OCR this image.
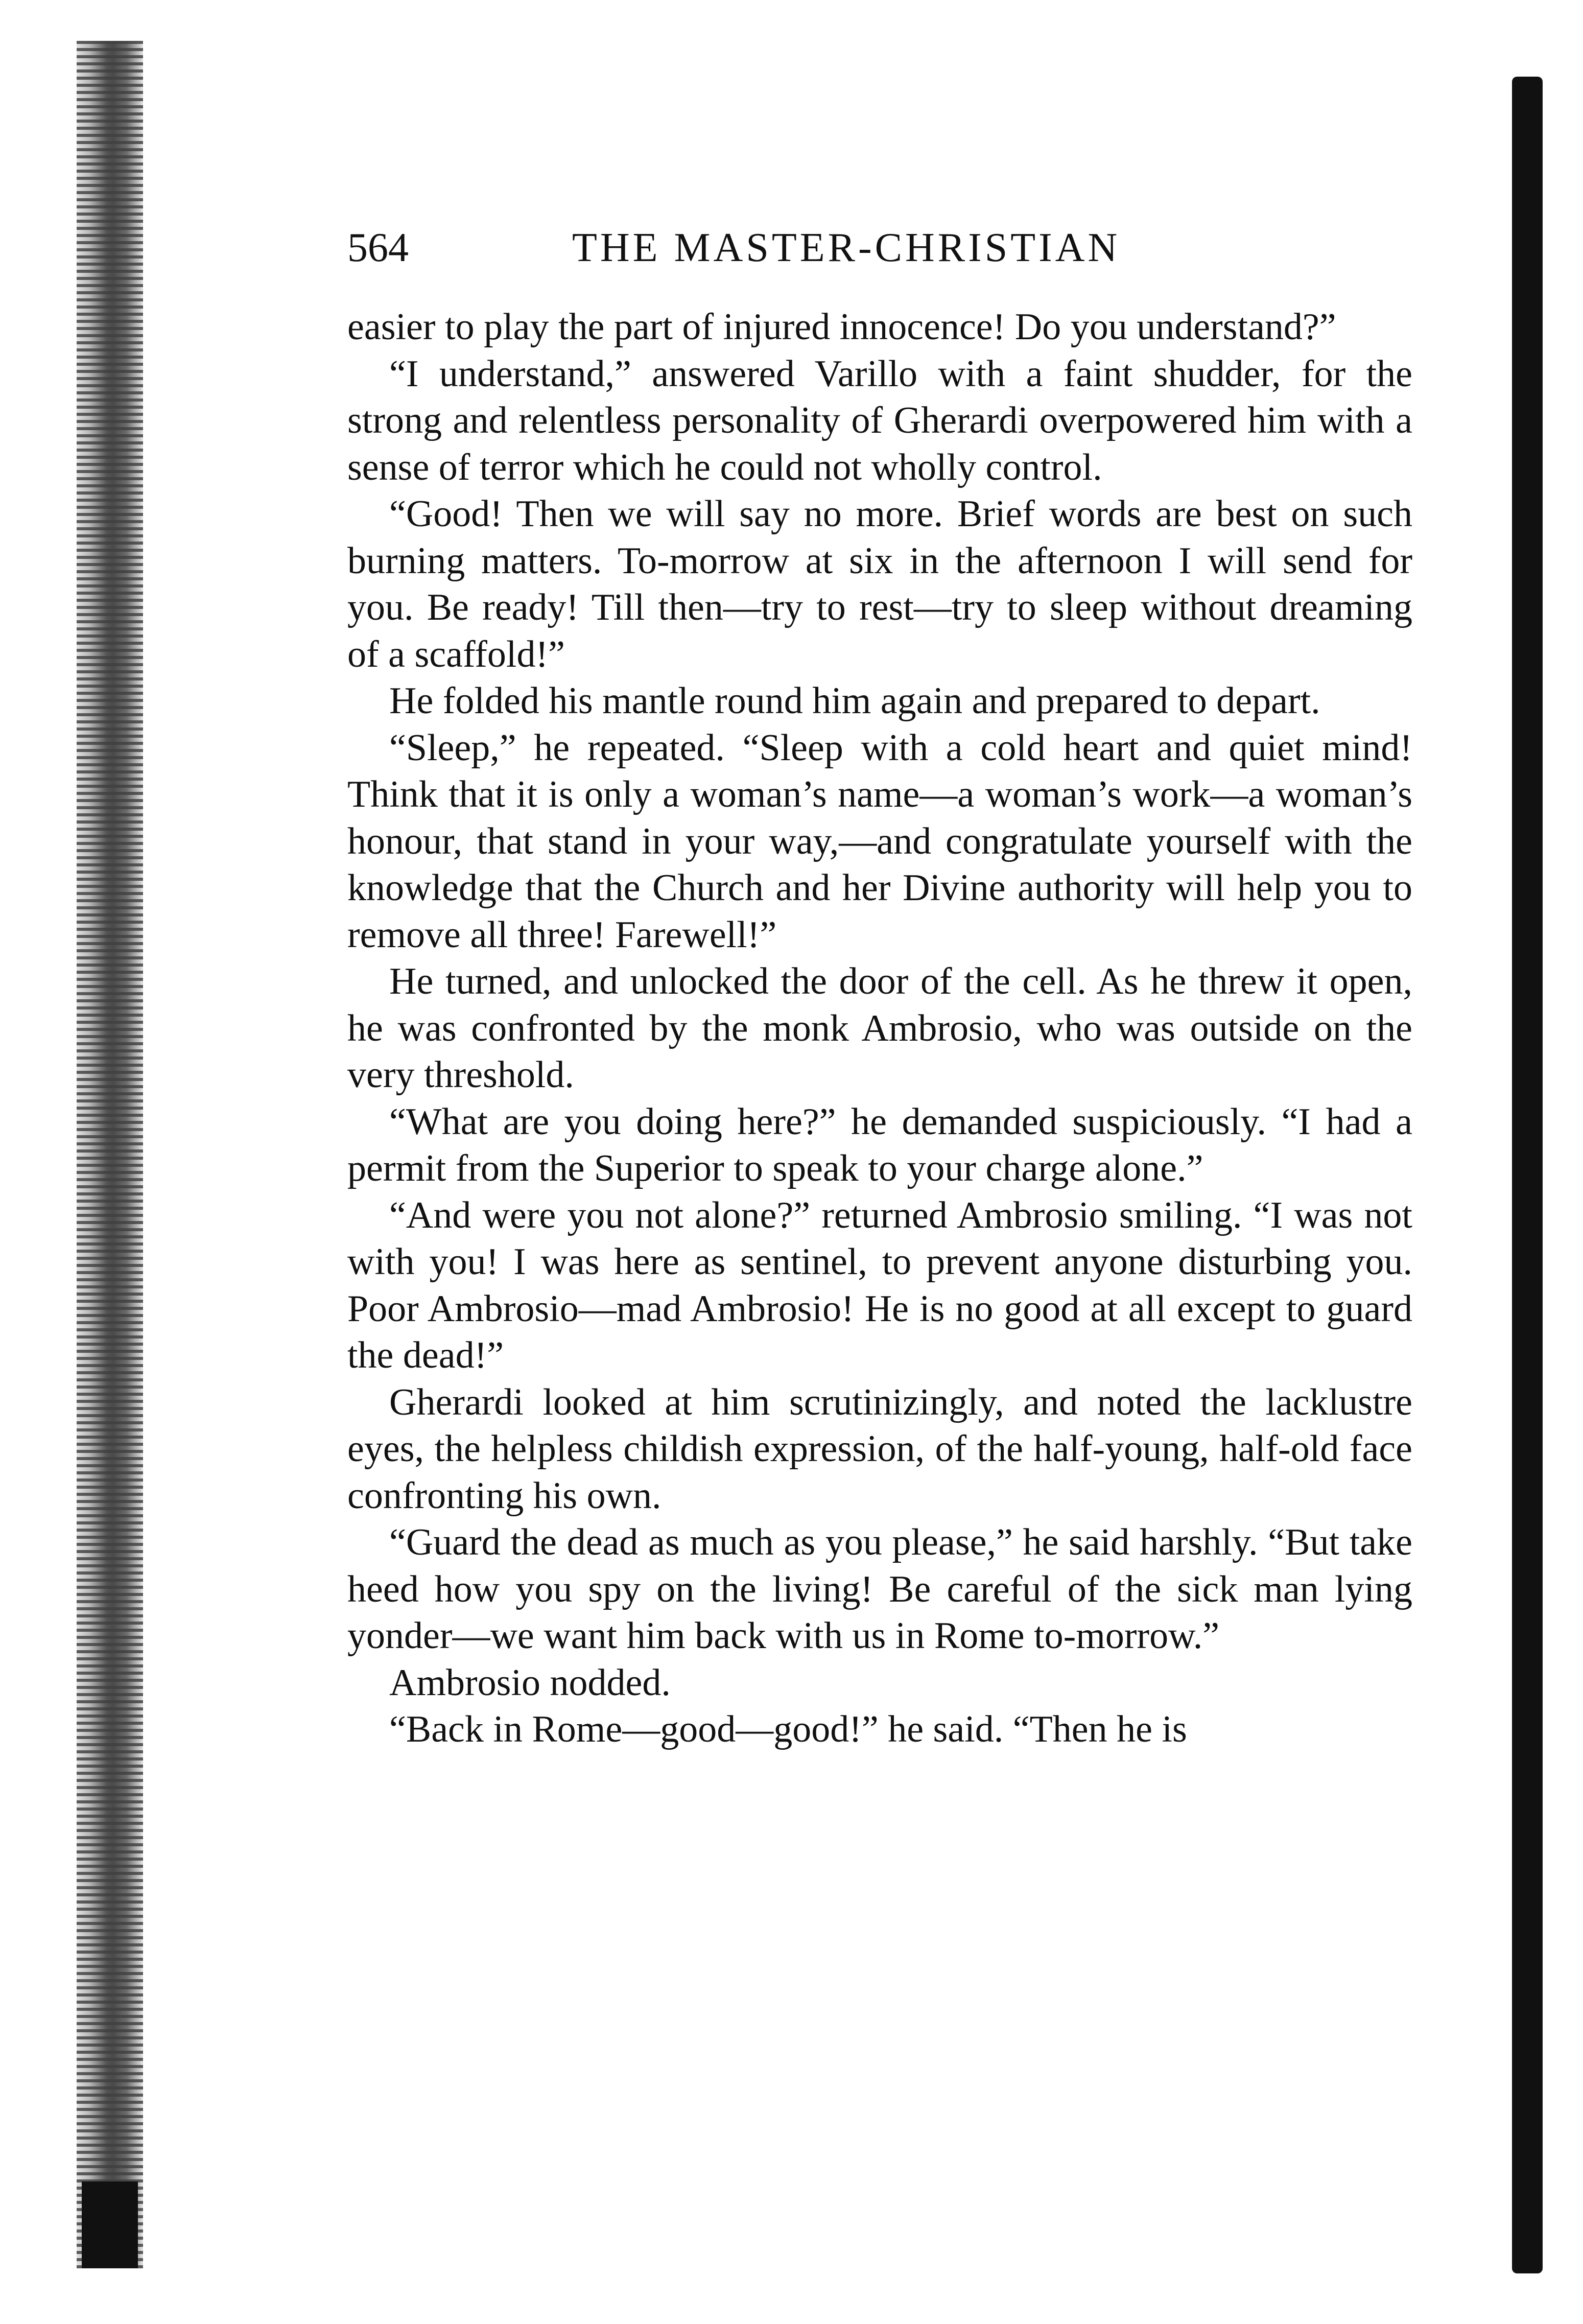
564	THE MASTER-CHRISTIAN

easier to play the part of injured innocence! Do you understand?”

“I understand,” answered Varillo with a faint shudder, for the strong and relentless personality of Gherardi overpowered him with a sense of terror which he could not wholly control.

“Good! Then we will say no more. Brief words are best on such burning matters. To-morrow at six in the afternoon I will send for you. Be ready! Till then—try to rest—try to sleep without dreaming of a scaffold!”

He folded his mantle round him again and prepared to depart.

“Sleep,” he repeated. “Sleep with a cold heart and quiet mind! Think that it is only a woman’s name—a woman’s work—a woman’s honour, that stand in your way,—and congratulate yourself with the knowledge that the Church and her Divine authority will help you to remove all three! Farewell!”

He turned, and unlocked the door of the cell. As he threw it open, he was confronted by the monk Ambrosio, who was outside on the very threshold.

“What are you doing here?” he demanded suspiciously. “I had a permit from the Superior to speak to your charge alone.”

“And were you not alone?” returned Ambrosio smiling. “I was not with you! I was here as sentinel, to prevent anyone disturbing you. Poor Ambrosio—mad Ambrosio! He is no good at all except to guard the dead!”

Gherardi looked at him scrutinizingly, and noted the lacklustre eyes, the helpless childish expression, of the half-young, half-old face confronting his own.

“Guard the dead as much as you please,” he said harshly. “But take heed how you spy on the living! Be careful of the sick man lying yonder—we want him back with us in Rome to-morrow.”

Ambrosio nodded.

“Back in Rome—good—good!” he said. “Then he is
